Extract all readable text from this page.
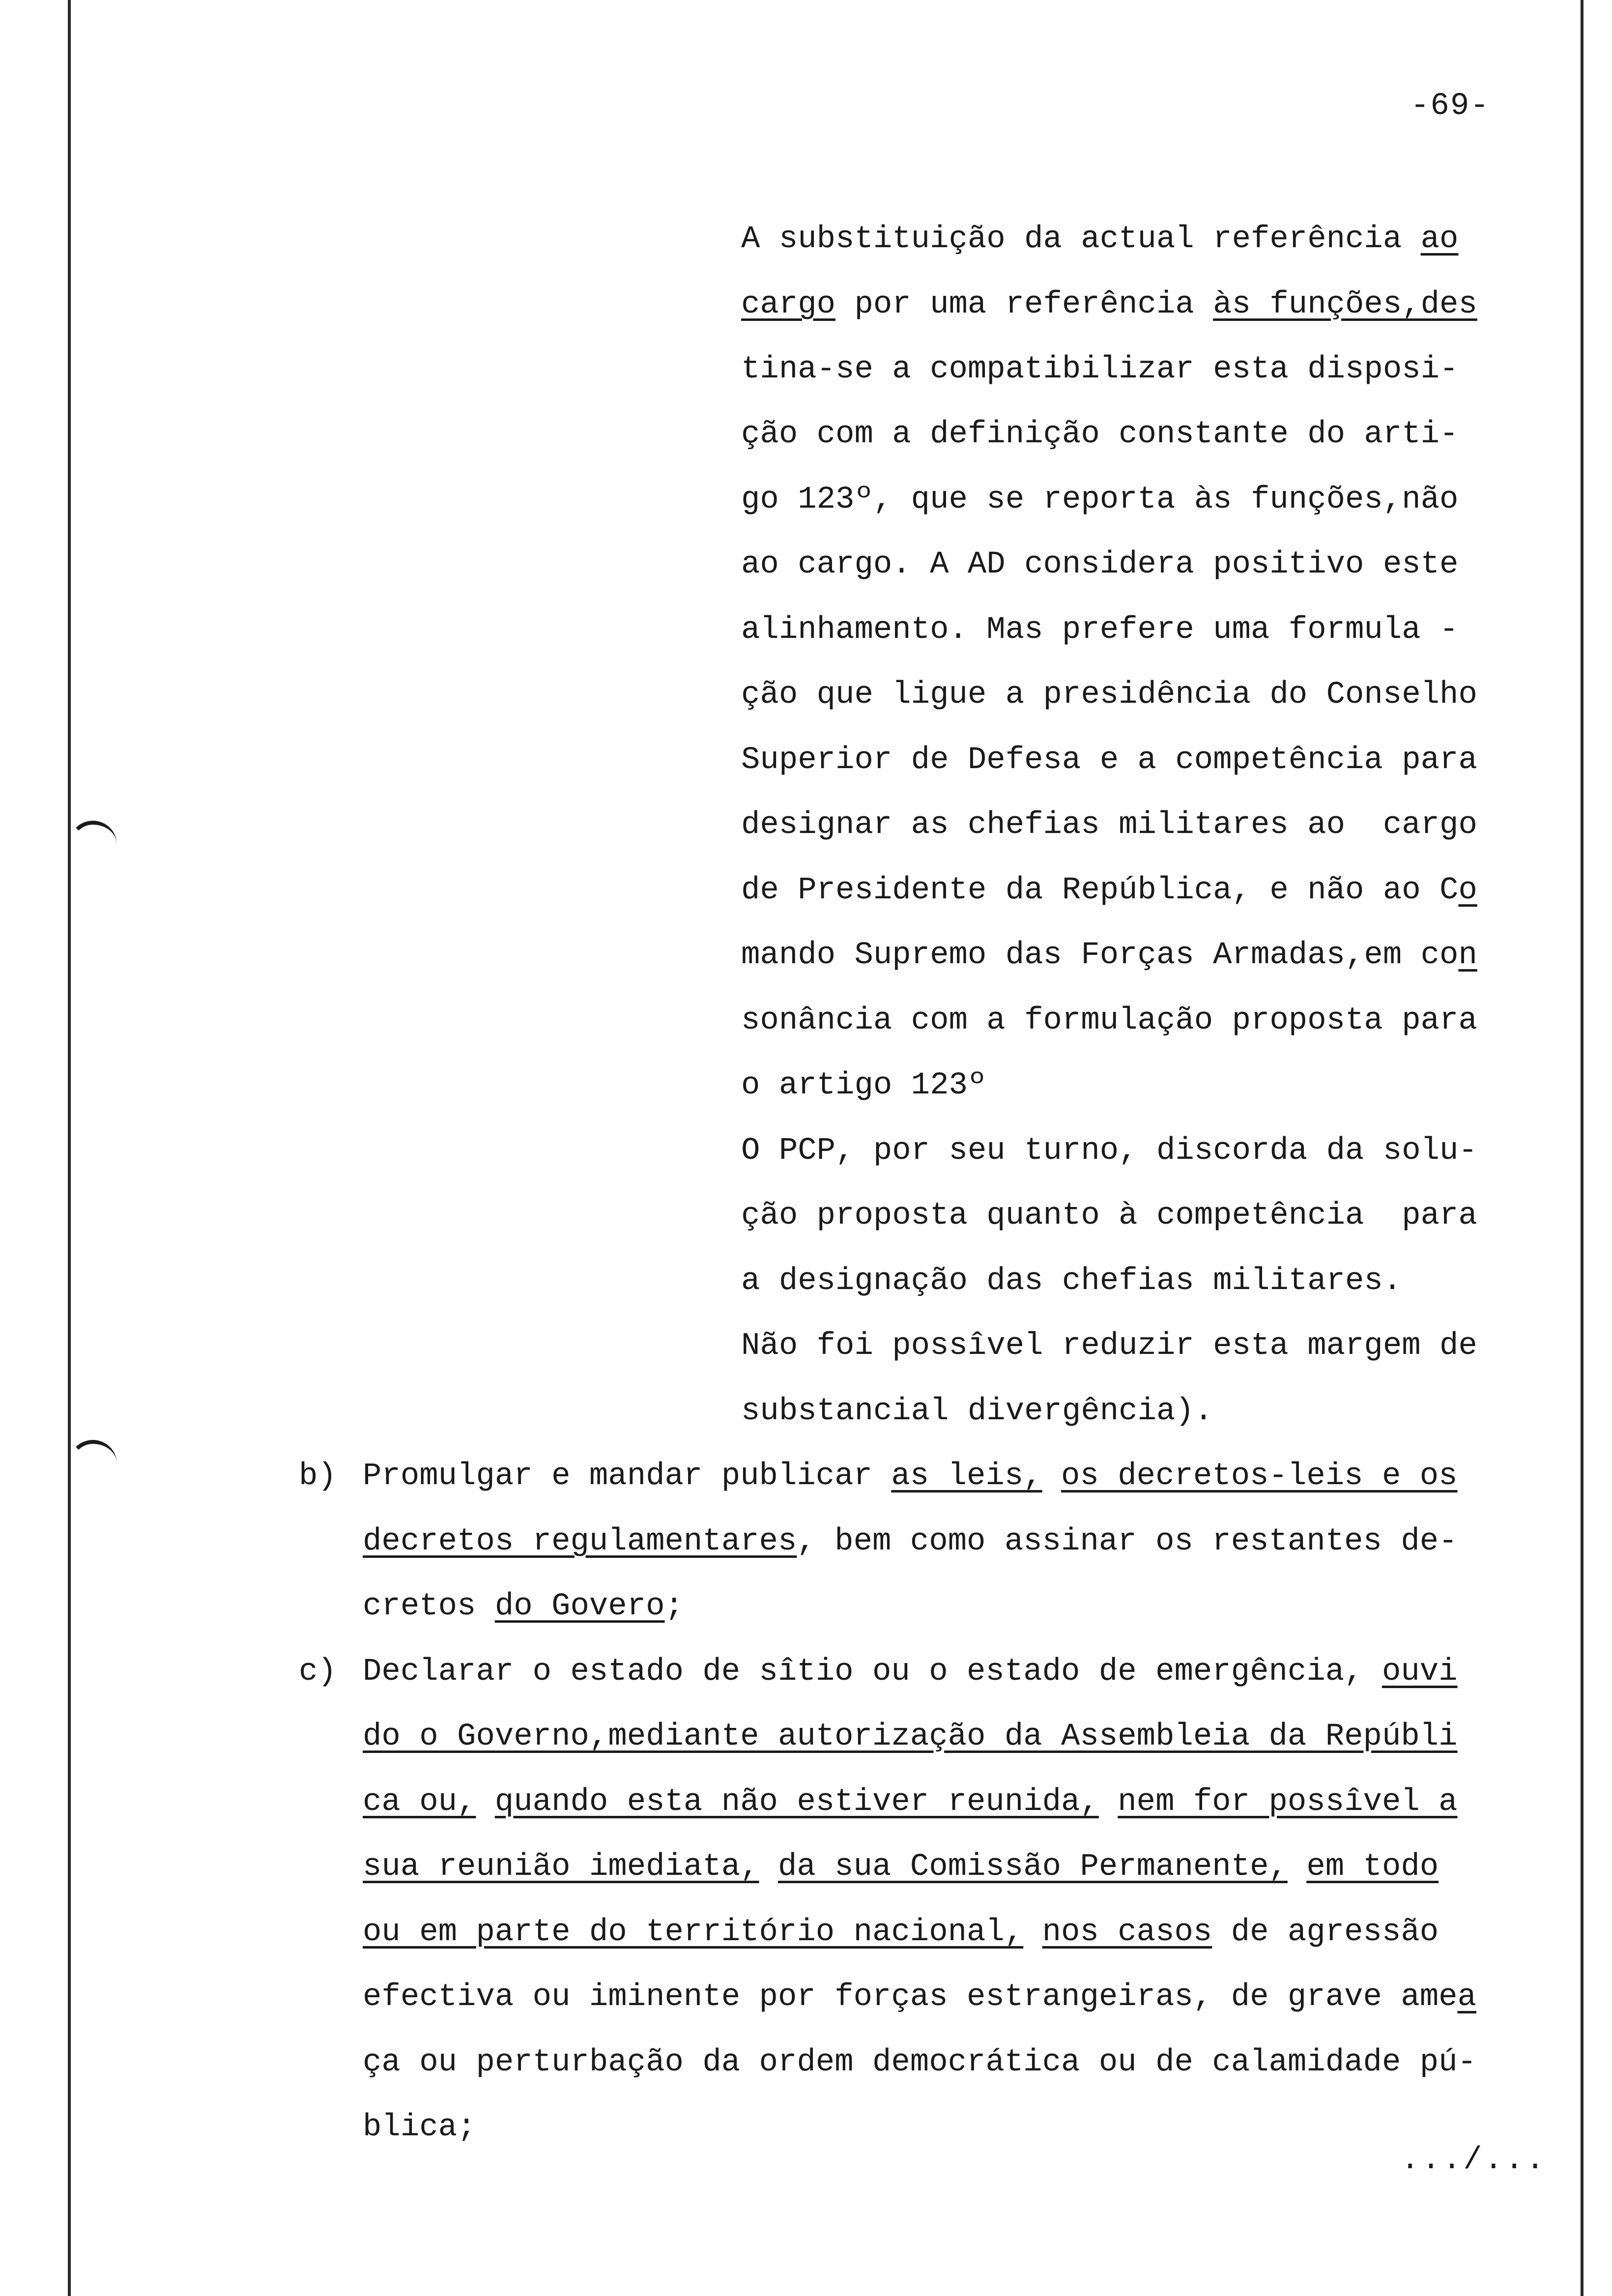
-69-
A substituição da actual referência ao
cargo por uma referência às funções,des
tina-se a compatibilizar esta disposi-
ção com a definição constante do arti-
go 123º, que se reporta às funções,não
ao cargo. A AD considera positivo este
alinhamento. Mas prefere uma formula -
ção que ligue a presidência do Conselho
Superior de Defesa e a competência para
designar as chefias militares ao  cargo
de Presidente da República, e não ao Co
mando Supremo das Forças Armadas,em con
sonância com a formulação proposta para
o artigo 123º
O PCP, por seu turno, discorda da solu-
ção proposta quanto à competência  para
a designação das chefias militares.
Não foi possîvel reduzir esta margem de
substancial divergência).
b) Promulgar e mandar publicar as leis, os decretos-leis e os
decretos regulamentares, bem como assinar os restantes de-
cretos do Govero;
c) Declarar o estado de sîtio ou o estado de emergência, ouvi
do o Governo,mediante autorização da Assembleia da Repúbli
ca ou, quando esta não estiver reunida, nem for possîvel a
sua reunião imediata, da sua Comissão Permanente, em todo
ou em parte do território nacional, nos casos de agressão
efectiva ou iminente por forças estrangeiras, de grave amea
ça ou perturbação da ordem democrática ou de calamidade pú-
blica;
.../...
